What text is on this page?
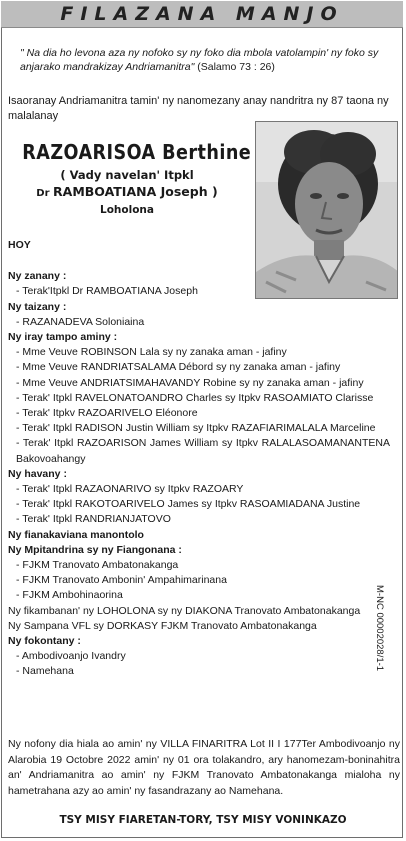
FILAZANA MANJO
" Na dia ho levona aza ny nofoko sy ny foko dia mbola vatolampin' ny foko sy anjarako mandrakizay Andriamanitra" (Salamo 73 : 26)
Isaoranay Andriamanitra tamin' ny nanomezany anay nandritra ny 87 taona ny malalanay
RAZOARISOA Berthine
( Vady navelan' Itpkl
Dr RAMBOATIANA Joseph )
Loholona
HOY
Ny zanany :
- Terak'Itpkl Dr RAMBOATIANA Joseph
Ny taizany :
- RAZANADEVA Soloniaina
Ny iray tampo aminy :
- Mme Veuve ROBINSON Lala sy ny zanaka aman - jafiny
- Mme Veuve RANDRIATSALAMA Débord sy ny zanaka aman - jafiny
- Mme Veuve ANDRIATSIMAHAVANDY Robine sy ny zanaka aman - jafiny
- Terak' Itpkl RAVELONATOANDRO Charles sy Itpkv RASOAMIATO Clarisse
- Terak' Itpkv RAZOARIVELO Eléonore
- Terak' Itpkl RADISON Justin William sy Itpkv RAZAFIARIMALALA Marceline
- Terak' Itpkl RAZOARISON James William sy Itpkv RALALASOAMANANTENA Bakovoahangy
Ny havany :
- Terak' Itpkl RAZAONARIVO sy Itpkv RAZOARY
- Terak' Itpkl RAKOTOARIVELO James sy Itpkv RASOAMIADANA Justine
- Terak' Itpkl RANDRIANJATOVO
Ny fianakaviana manontolo
Ny Mpitandrina sy ny Fiangonana :
- FJKM Tranovato Ambatonakanga
- FJKM Tranovato Ambonin' Ampahimarinana
- FJKM Ambohinaorina
Ny fikambanan' ny LOHOLONA sy ny DIAKONA Tranovato Ambatonakanga
Ny Sampana VFL sy DORKASY FJKM Tranovato Ambatonakanga
Ny fokontany :
- Ambodivoanjo Ivandry
- Namehana
M-NC 00002028/1-1
Ny nofony dia hiala ao amin' ny VILLA FINARITRA Lot II I 177Ter Ambodivoanjo ny Alarobia 19 Octobre 2022 amin' ny 01 ora tolakandro, ary hanomezam-boninahitra an' Andriamanitra ao amin' ny FJKM Tranovato Ambatonakanga mialoha ny hametrahana azy ao amin' ny fasandrazany ao Namehana.
TSY MISY FIARETAN-TORY, TSY MISY VONINKAZO
